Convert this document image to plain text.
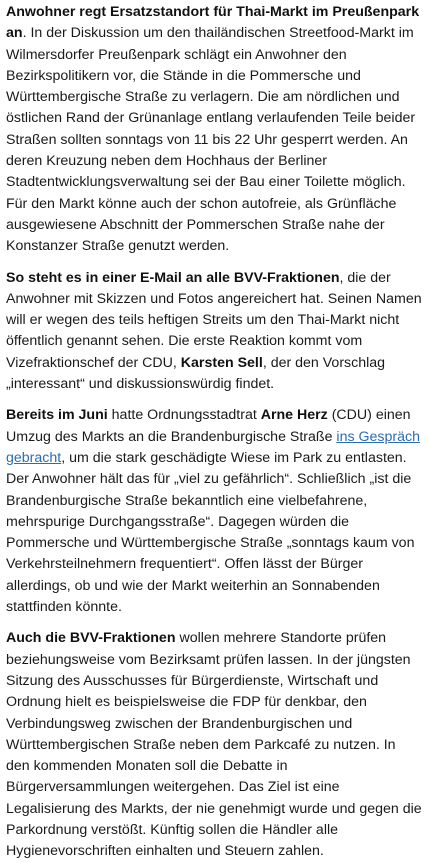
Anwohner regt Ersatzstandort für Thai-Markt im Preußenpark an. In der Diskussion um den thailändischen Streetfood-Markt im Wilmersdorfer Preußenpark schlägt ein Anwohner den Bezirkspolitikern vor, die Stände in die Pommersche und Württembergische Straße zu verlagern. Die am nördlichen und östlichen Rand der Grünanlage entlang verlaufenden Teile beider Straßen sollten sonntags von 11 bis 22 Uhr gesperrt werden. An deren Kreuzung neben dem Hochhaus der Berliner Stadtentwicklungsverwaltung sei der Bau einer Toilette möglich. Für den Markt könne auch der schon autofreie, als Grünfläche ausgewiesene Abschnitt der Pommerschen Straße nahe der Konstanzer Straße genutzt werden.

So steht es in einer E-Mail an alle BVV-Fraktionen, die der Anwohner mit Skizzen und Fotos angereichert hat. Seinen Namen will er wegen des teils heftigen Streits um den Thai-Markt nicht öffentlich genannt sehen. Die erste Reaktion kommt vom Vizefraktionschef der CDU, Karsten Sell, der den Vorschlag „interessant“ und diskussionswürdig findet.

Bereits im Juni hatte Ordnungsstadtrat Arne Herz (CDU) einen Umzug des Markts an die Brandenburgische Straße ins Gespräch gebracht, um die stark geschädigte Wiese im Park zu entlasten. Der Anwohner hält das für „viel zu gefährlich“. Schließlich „ist die Brandenburgische Straße bekanntlich eine vielbefahrene, mehrspurige Durchgangsstraße“. Dagegen würden die Pommersche und Württembergische Straße „sonntags kaum von Verkehrsteilnehmern frequentiert“. Offen lässt der Bürger allerdings, ob und wie der Markt weiterhin an Sonnabenden stattfinden könnte.

Auch die BVV-Fraktionen wollen mehrere Standorte prüfen beziehungsweise vom Bezirksamt prüfen lassen. In der jüngsten Sitzung des Ausschusses für Bürgerdienste, Wirtschaft und Ordnung hielt es beispielsweise die FDP für denkbar, den Verbindungsweg zwischen der Brandenburgischen und Württembergischen Straße neben dem Parkcafé zu nutzen. In den kommenden Monaten soll die Debatte in Bürgerversammlungen weitergehen. Das Ziel ist eine Legalisierung des Markts, der nie genehmigt wurde und gegen die Parkordnung verstößt. Künftig sollen die Händler alle Hygienevorschriften einhalten und Steuern zahlen.
